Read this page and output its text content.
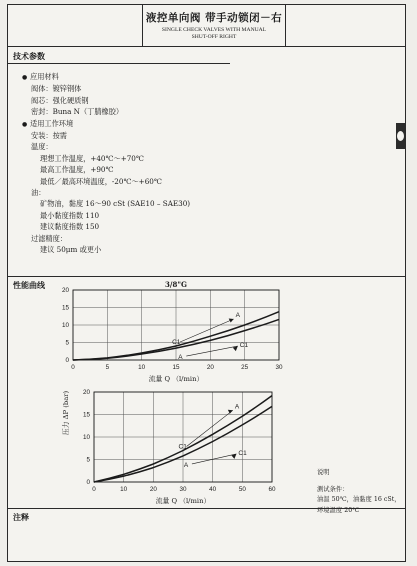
液控单向阀 带手动锁闭－右
SINGLE CHECK VALVES WITH MANUAL
SHUT-OFF RIGHT
技术参数
● 应用材料
阀体：镀锌钢体
阀芯：强化硬质钢
密封：Buna N（丁腈橡胶）
● 适用工作环境
安装：按需
温度：
理想工作温度，+40℃～+70℃
最高工作温度，+90℃
最低／最高环境温度，-20℃～+60℃
油：
矿物油，黏度 16～90 cSt (SAE10 – SAE30)
最小黏度指数 110
建议黏度指数 150
过滤精度：
建议 50μm 或更小
性能曲线
0	5	10	15	20	25	30
0
5
10
15
20
3/8"G
流量 Q （l/min）
C1
A
A
C1
0	10	20	30	40	50	60
0
5
10
15
20
流量 Q （l/min）
C1
A
A
C1
压力 ΔP (bar)
说明
测试条件：
油温 50℃，油黏度 16 cSt，
环境温度 20℃
注释
